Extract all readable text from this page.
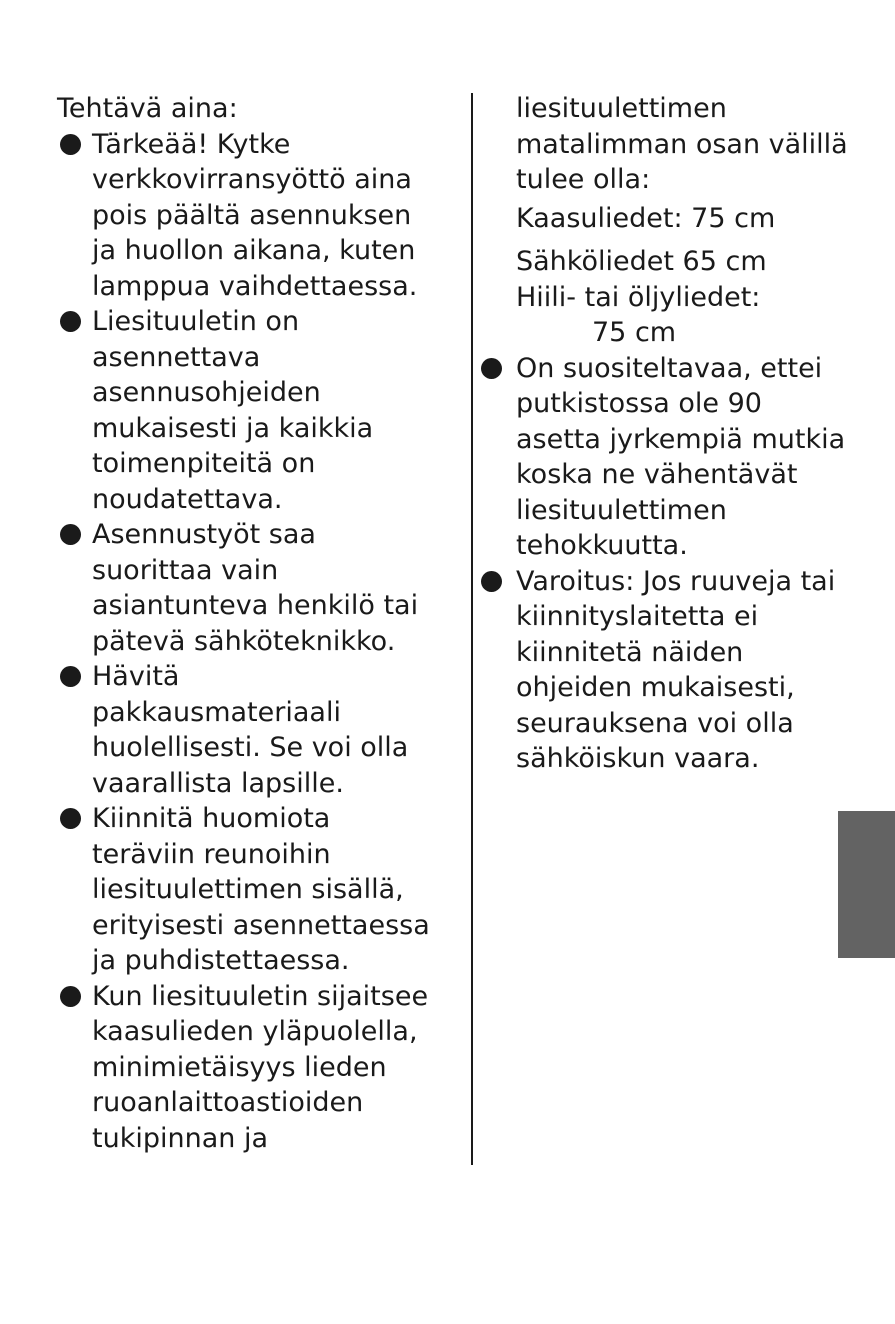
Tehtävä aina:
Tärkeää! Kytke
verkkovirransyöttö aina
pois päältä asennuksen
ja huollon aikana, kuten
lamppua vaihdettaessa.
Liesituuletin on
asennettava
asennusohjeiden
mukaisesti ja kaikkia
toimenpiteitä on
noudatettava.
Asennustyöt saa
suorittaa vain
asiantunteva henkilö tai
pätevä sähköteknikko.
Hävitä
pakkausmateriaali
huolellisesti. Se voi olla
vaarallista lapsille.
Kiinnitä huomiota
teräviin reunoihin
liesituulettimen sisällä,
erityisesti asennettaessa
ja puhdistettaessa.
Kun liesituuletin sijaitsee
kaasulieden yläpuolella,
minimietäisyys lieden
ruoanlaittoastioiden
tukipinnan ja
liesituulettimen
matalimman osan välillä
tulee olla:
Kaasuliedet: 75 cm
Sähköliedet 65 cm
Hiili- tai öljyliedet:
75 cm
On suositeltavaa, ettei
putkistossa ole 90
asetta jyrkempiä mutkia
koska ne vähentävät
liesituulettimen
tehokkuutta.
Varoitus: Jos ruuveja tai
kiinnityslaitetta ei
kiinnitetä näiden
ohjeiden mukaisesti,
seurauksena voi olla
sähköiskun vaara.
